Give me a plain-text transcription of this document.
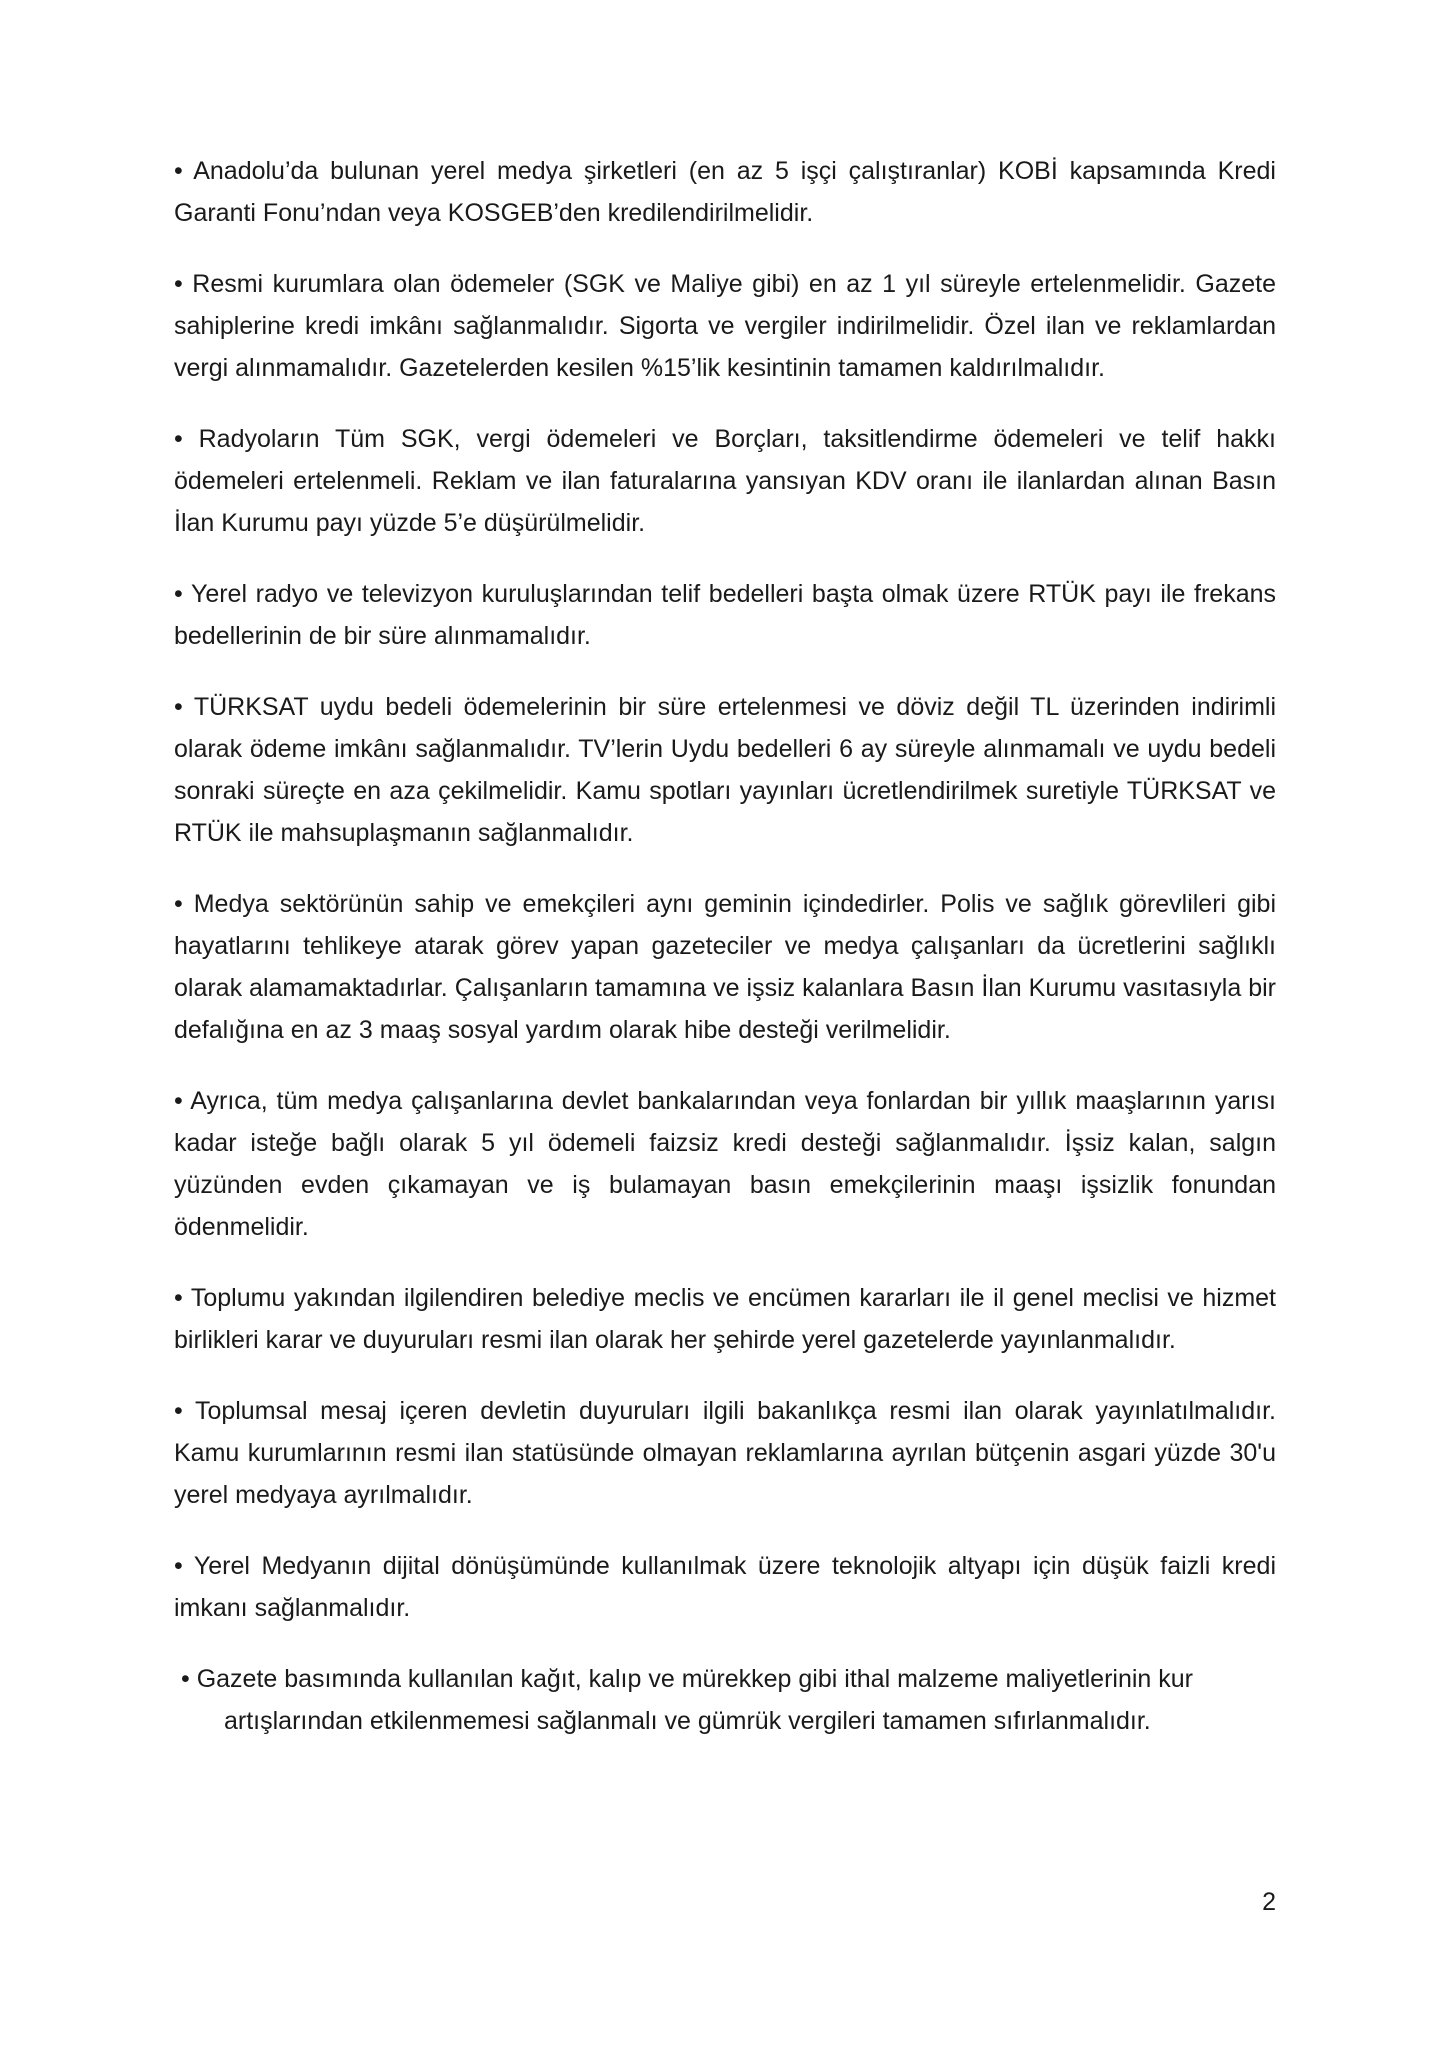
• Anadolu’da bulunan yerel medya şirketleri (en az 5 işçi çalıştıranlar) KOBİ kapsamında Kredi Garanti Fonu’ndan veya KOSGEB’den kredilendirilmelidir.

• Resmi kurumlara olan ödemeler (SGK ve Maliye gibi) en az 1 yıl süreyle ertelenmelidir. Gazete sahiplerine kredi imkânı sağlanmalıdır. Sigorta ve vergiler indirilmelidir. Özel ilan ve reklamlardan vergi alınmamalıdır. Gazetelerden kesilen %15’lik kesintinin tamamen kaldırılmalıdır.

• Radyoların Tüm SGK, vergi ödemeleri ve Borçları, taksitlendirme ödemeleri ve telif hakkı ödemeleri ertelenmeli. Reklam ve ilan faturalarına yansıyan KDV oranı ile ilanlardan alınan Basın İlan Kurumu payı yüzde 5’e düşürülmelidir.

• Yerel radyo ve televizyon kuruluşlarından telif bedelleri başta olmak üzere RTÜK payı ile frekans bedellerinin de bir süre alınmamalıdır.

• TÜRKSAT uydu bedeli ödemelerinin bir süre ertelenmesi ve döviz değil TL üzerinden indirimli olarak ödeme imkânı sağlanmalıdır. TV’lerin Uydu bedelleri 6 ay süreyle alınmamalı ve uydu bedeli sonraki süreçte en aza çekilmelidir. Kamu spotları yayınları ücretlendirilmek suretiyle TÜRKSAT ve RTÜK ile mahsuplaşmanın sağlanmalıdır.

• Medya sektörünün sahip ve emekçileri aynı geminin içindedirler. Polis ve sağlık görevlileri gibi hayatlarını tehlikeye atarak görev yapan gazeteciler ve medya çalışanları da ücretlerini sağlıklı olarak alamamaktadırlar. Çalışanların tamamına ve işsiz kalanlara Basın İlan Kurumu vasıtasıyla bir defalığına en az 3 maaş sosyal yardım olarak hibe desteği verilmelidir.

• Ayrıca, tüm medya çalışanlarına devlet bankalarından veya fonlardan bir yıllık maaşlarının yarısı kadar isteğe bağlı olarak 5 yıl ödemeli faizsiz kredi desteği sağlanmalıdır. İşsiz kalan, salgın yüzünden evden çıkamayan ve iş bulamayan basın emekçilerinin maaşı işsizlik fonundan ödenmelidir.

• Toplumu yakından ilgilendiren belediye meclis ve encümen kararları ile il genel meclisi ve hizmet birlikleri karar ve duyuruları resmi ilan olarak her şehirde yerel gazetelerde yayınlanmalıdır.

• Toplumsal mesaj içeren devletin duyuruları ilgili bakanlıkça resmi ilan olarak yayınlatılmalıdır. Kamu kurumlarının resmi ilan statüsünde olmayan reklamlarına ayrılan bütçenin asgari yüzde 30'u yerel medyaya ayrılmalıdır.

• Yerel Medyanın dijital dönüşümünde kullanılmak üzere teknolojik altyapı için düşük faizli kredi imkanı sağlanmalıdır.

• Gazete basımında kullanılan kağıt, kalıp ve mürekkep gibi ithal malzeme maliyetlerinin kur artışlarından etkilenmemesi sağlanmalı ve gümrük vergileri tamamen sıfırlanmalıdır.

2
